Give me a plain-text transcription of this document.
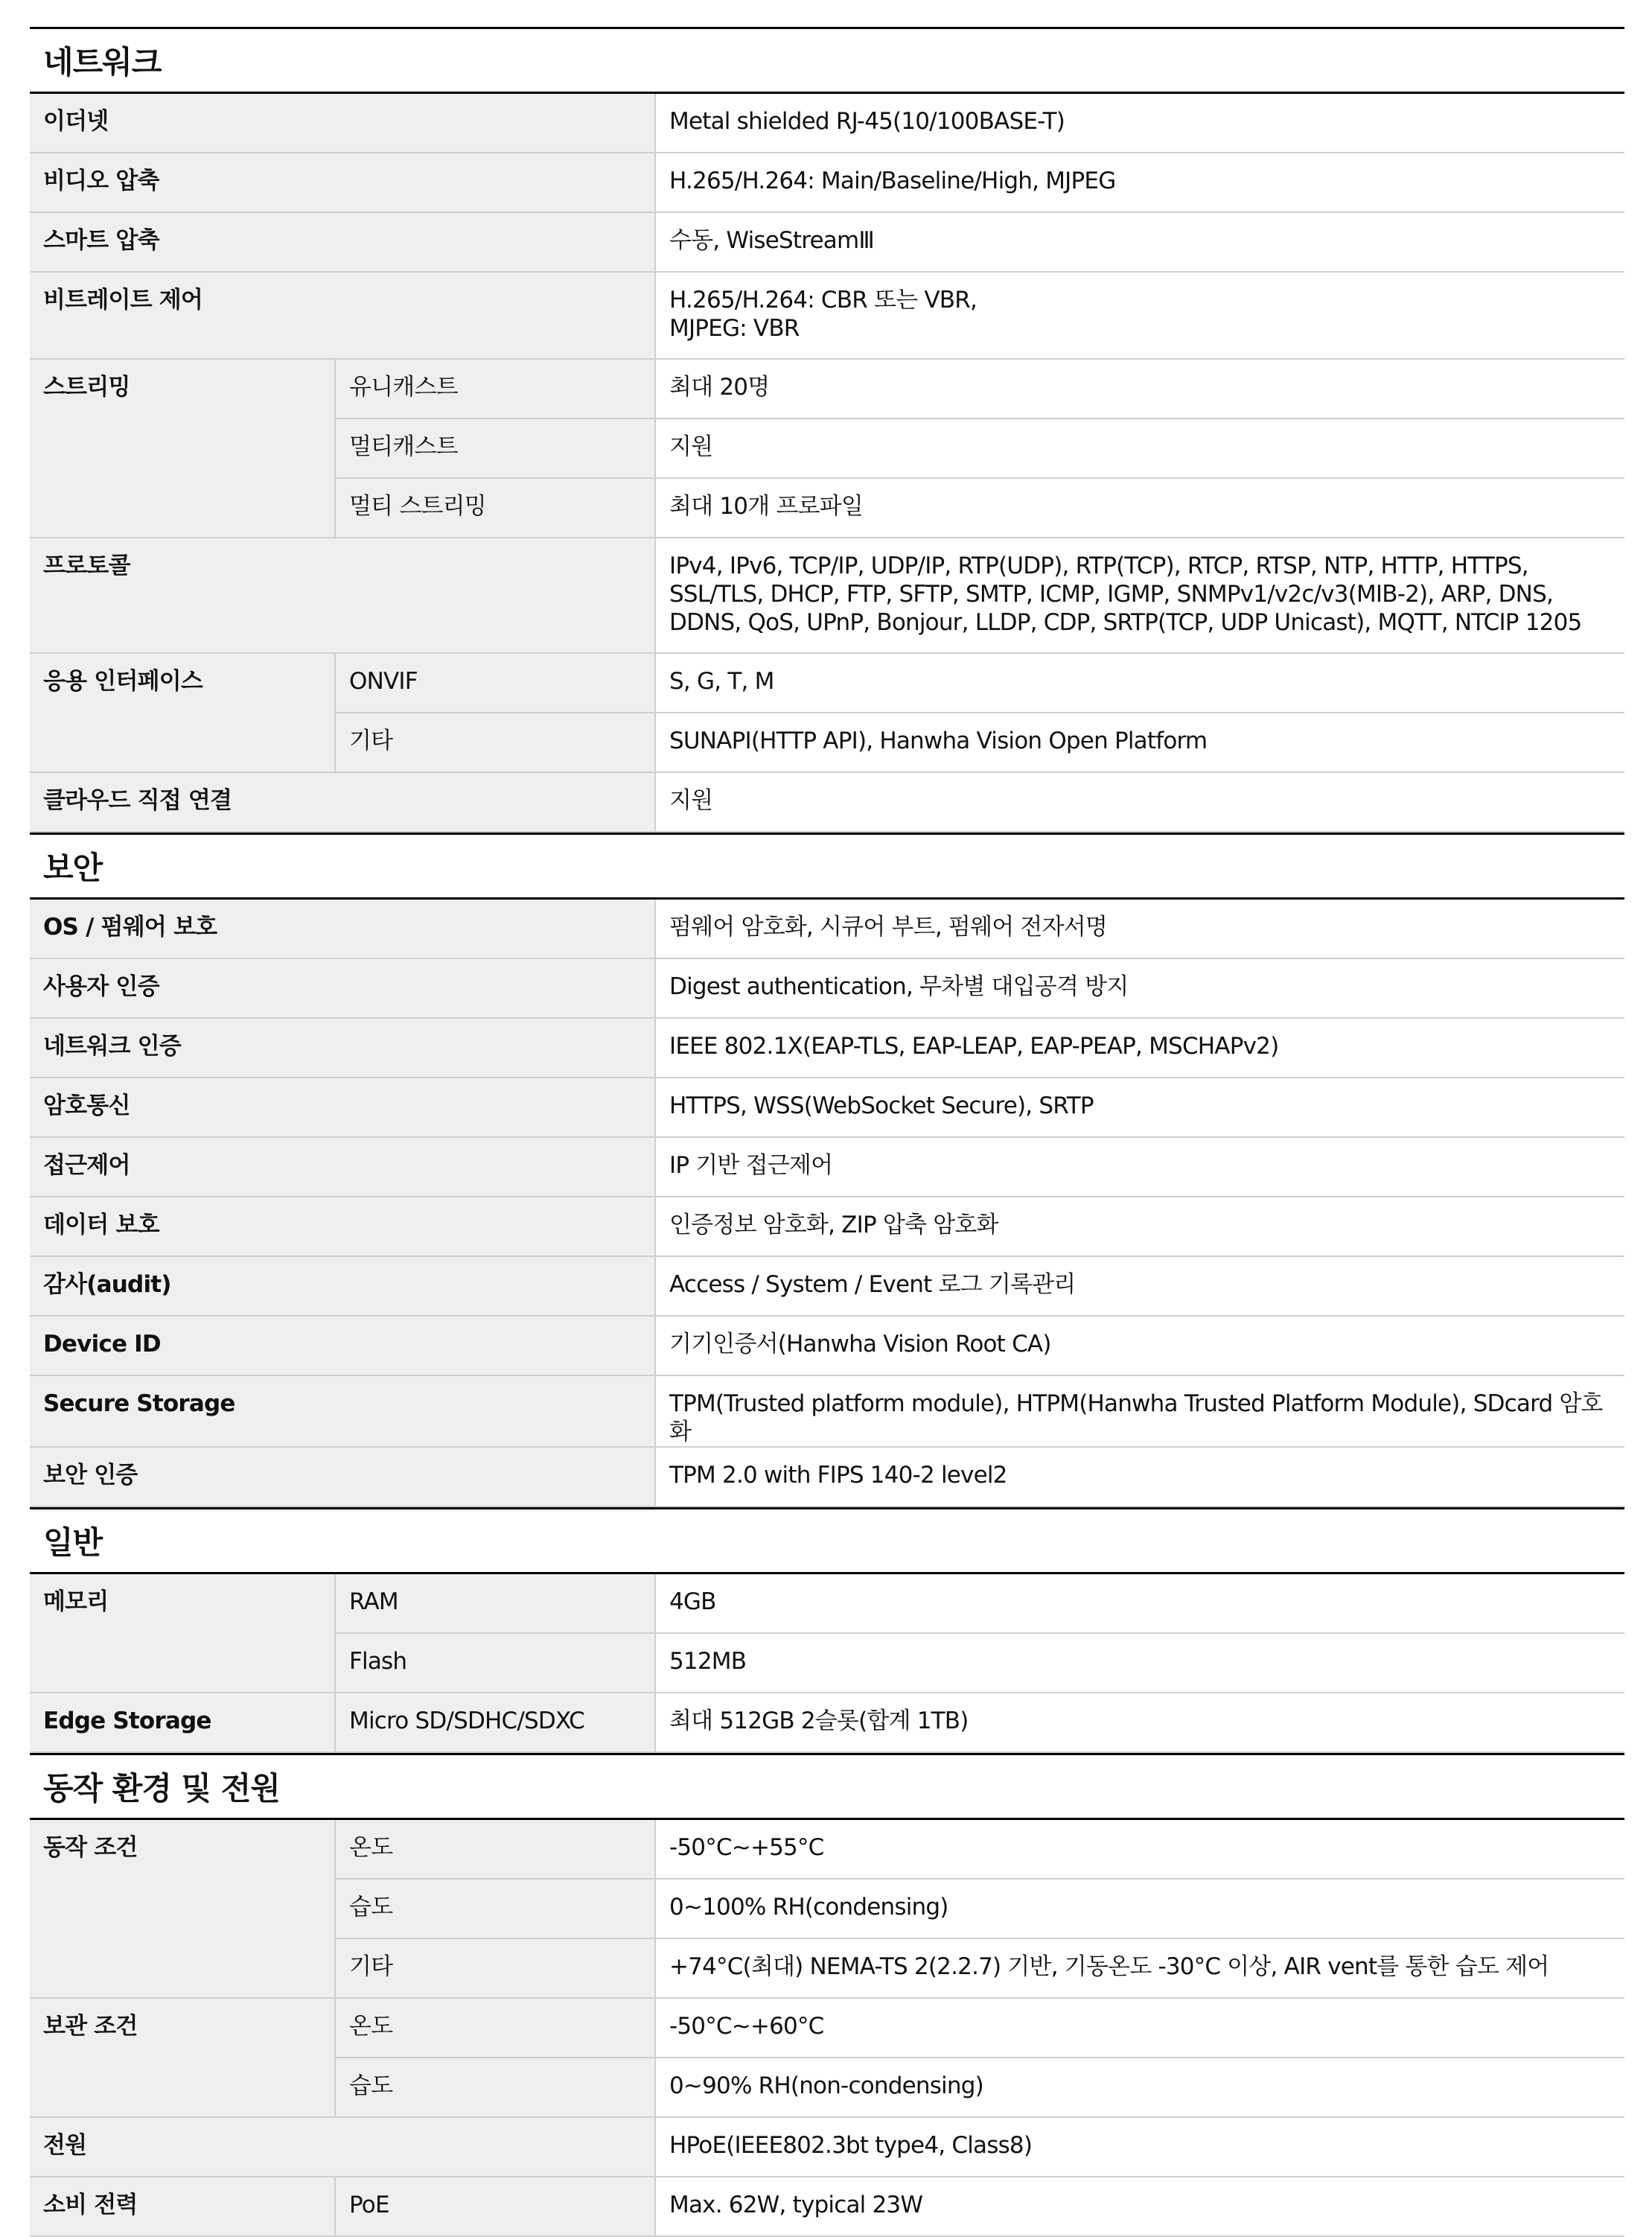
네트워크
이더넷		Metal shielded RJ-45(10/100BASE-T)
비디오 압축		H.265/H.264: Main/Baseline/High, MJPEG
스마트 압축		수동, WiseStreamⅢ
비트레이트 제어		H.265/H.264: CBR 또는 VBR,
MJPEG: VBR
스트리밍	유니캐스트	최대 20명
	멀티캐스트	지원
	멀티 스트리밍	최대 10개 프로파일
프로토콜		IPv4, IPv6, TCP/IP, UDP/IP, RTP(UDP), RTP(TCP), RTCP, RTSP, NTP, HTTP, HTTPS, SSL/TLS, DHCP, FTP, SFTP, SMTP, ICMP, IGMP, SNMPv1/v2c/v3(MIB-2), ARP, DNS, DDNS, QoS, UPnP, Bonjour, LLDP, CDP, SRTP(TCP, UDP Unicast), MQTT, NTCIP 1205
응용 인터페이스	ONVIF	S, G, T, M
	기타	SUNAPI(HTTP API), Hanwha Vision Open Platform
클라우드 직접 연결		지원
보안
OS / 펌웨어 보호	펌웨어 암호화, 시큐어 부트, 펌웨어 전자서명
사용자 인증	Digest authentication, 무차별 대입공격 방지
네트워크 인증	IEEE 802.1X(EAP-TLS, EAP-LEAP, EAP-PEAP, MSCHAPv2)
암호통신	HTTPS, WSS(WebSocket Secure), SRTP
접근제어	IP 기반 접근제어
데이터 보호	인증정보 암호화, ZIP 압축 암호화
감사(audit)	Access / System / Event 로그 기록관리
Device ID	기기인증서(Hanwha Vision Root CA)
Secure Storage	TPM(Trusted platform module), HTPM(Hanwha Trusted Platform Module), SDcard 암호화
보안 인증	TPM 2.0 with FIPS 140-2 level2
일반
메모리	RAM	4GB
	Flash	512MB
Edge Storage	Micro SD/SDHC/SDXC	최대 512GB 2슬롯(합계 1TB)
동작 환경 및 전원
동작 조건	온도	-50°C~+55°C
	습도	0~100% RH(condensing)
	기타	+74°C(최대) NEMA-TS 2(2.2.7) 기반, 기동온도 -30°C 이상, AIR vent를 통한 습도 제어
보관 조건	온도	-50°C~+60°C
	습도	0~90% RH(non-condensing)
전원		HPoE(IEEE802.3bt type4, Class8)
소비 전력	PoE	Max. 62W, typical 23W
